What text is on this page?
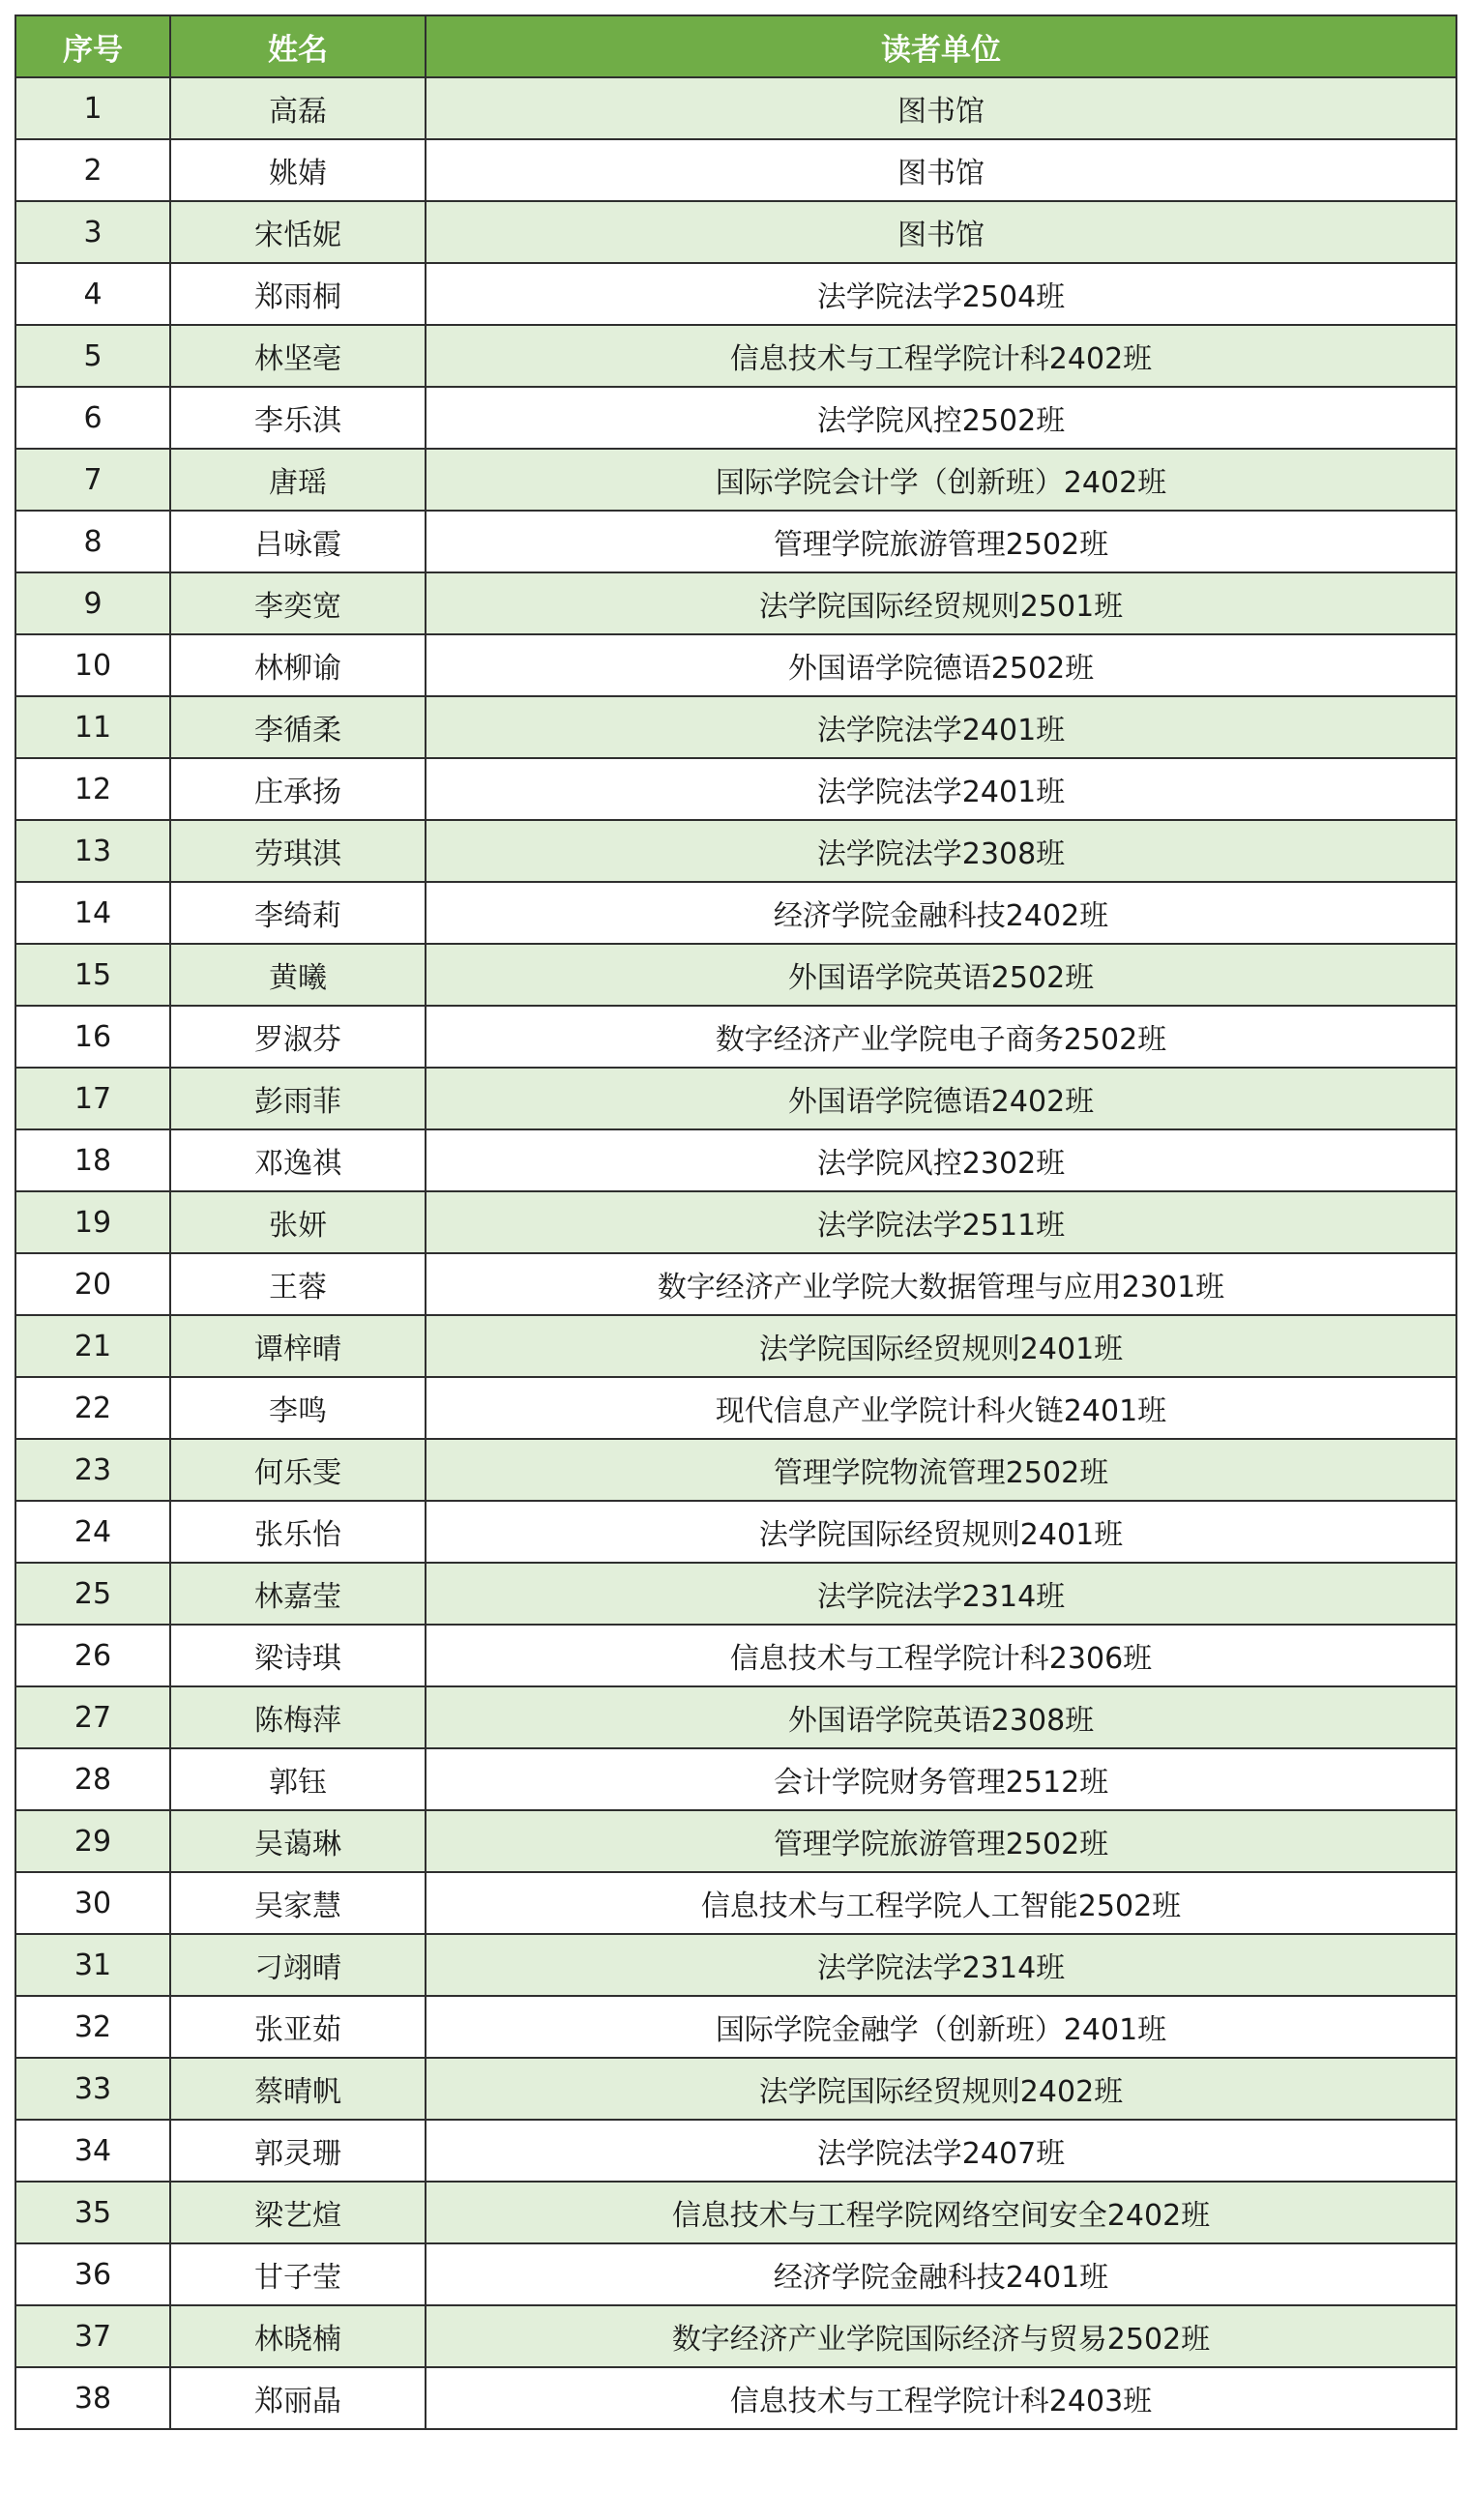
序号	姓名	读者单位
1	高磊	图书馆
2	姚婧	图书馆
3	宋恬妮	图书馆
4	郑雨桐	法学院法学2504班
5	林坚亳	信息技术与工程学院计科2402班
6	李乐淇	法学院风控2502班
7	唐瑶	国际学院会计学（创新班）2402班
8	吕咏霞	管理学院旅游管理2502班
9	李奕宽	法学院国际经贸规则2501班
10	林柳谕	外国语学院德语2502班
11	李循柔	法学院法学2401班
12	庄承扬	法学院法学2401班
13	劳琪淇	法学院法学2308班
14	李绮莉	经济学院金融科技2402班
15	黄曦	外国语学院英语2502班
16	罗淑芬	数字经济产业学院电子商务2502班
17	彭雨菲	外国语学院德语2402班
18	邓逸祺	法学院风控2302班
19	张妍	法学院法学2511班
20	王蓉	数字经济产业学院大数据管理与应用2301班
21	谭梓晴	法学院国际经贸规则2401班
22	李鸣	现代信息产业学院计科火链2401班
23	何乐雯	管理学院物流管理2502班
24	张乐怡	法学院国际经贸规则2401班
25	林嘉莹	法学院法学2314班
26	梁诗琪	信息技术与工程学院计科2306班
27	陈梅萍	外国语学院英语2308班
28	郭钰	会计学院财务管理2512班
29	吴蔼琳	管理学院旅游管理2502班
30	吴家慧	信息技术与工程学院人工智能2502班
31	刁翊晴	法学院法学2314班
32	张亚茹	国际学院金融学（创新班）2401班
33	蔡晴帆	法学院国际经贸规则2402班
34	郭灵珊	法学院法学2407班
35	梁艺煊	信息技术与工程学院网络空间安全2402班
36	甘子莹	经济学院金融科技2401班
37	林晓楠	数字经济产业学院国际经济与贸易2502班
38	郑丽晶	信息技术与工程学院计科2403班
